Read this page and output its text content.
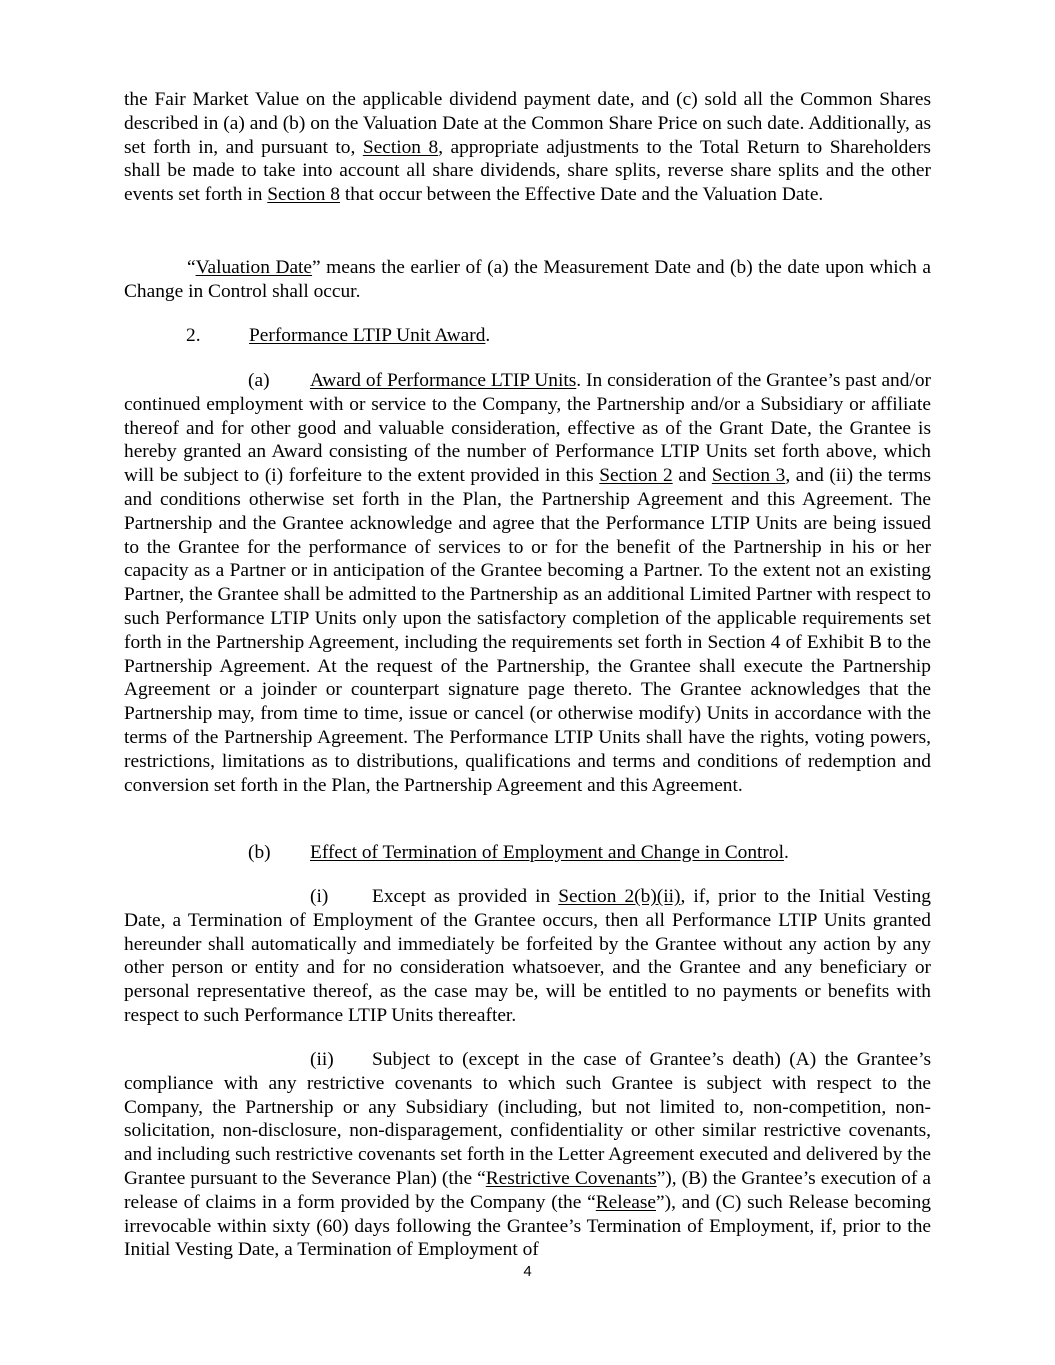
the Fair Market Value on the applicable dividend payment date, and (c) sold all the Common Shares described in (a) and (b) on the Valuation Date at the Common Share Price on such date. Additionally, as set forth in, and pursuant to, Section 8, appropriate adjustments to the Total Return to Shareholders shall be made to take into account all share dividends, share splits, reverse share splits and the other events set forth in Section 8 that occur between the Effective Date and the Valuation Date.

“Valuation Date” means the earlier of (a) the Measurement Date and (b) the date upon which a Change in Control shall occur.

2. Performance LTIP Unit Award.

(a) Award of Performance LTIP Units. In consideration of the Grantee’s past and/or continued employment with or service to the Company, the Partnership and/or a Subsidiary or affiliate thereof and for other good and valuable consideration, effective as of the Grant Date, the Grantee is hereby granted an Award consisting of the number of Performance LTIP Units set forth above, which will be subject to (i) forfeiture to the extent provided in this Section 2 and Section 3, and (ii) the terms and conditions otherwise set forth in the Plan, the Partnership Agreement and this Agreement. The Partnership and the Grantee acknowledge and agree that the Performance LTIP Units are being issued to the Grantee for the performance of services to or for the benefit of the Partnership in his or her capacity as a Partner or in anticipation of the Grantee becoming a Partner. To the extent not an existing Partner, the Grantee shall be admitted to the Partnership as an additional Limited Partner with respect to such Performance LTIP Units only upon the satisfactory completion of the applicable requirements set forth in the Partnership Agreement, including the requirements set forth in Section 4 of Exhibit B to the Partnership Agreement. At the request of the Partnership, the Grantee shall execute the Partnership Agreement or a joinder or counterpart signature page thereto. The Grantee acknowledges that the Partnership may, from time to time, issue or cancel (or otherwise modify) Units in accordance with the terms of the Partnership Agreement. The Performance LTIP Units shall have the rights, voting powers, restrictions, limitations as to distributions, qualifications and terms and conditions of redemption and conversion set forth in the Plan, the Partnership Agreement and this Agreement.

(b) Effect of Termination of Employment and Change in Control.

(i) Except as provided in Section 2(b)(ii), if, prior to the Initial Vesting Date, a Termination of Employment of the Grantee occurs, then all Performance LTIP Units granted hereunder shall automatically and immediately be forfeited by the Grantee without any action by any other person or entity and for no consideration whatsoever, and the Grantee and any beneficiary or personal representative thereof, as the case may be, will be entitled to no payments or benefits with respect to such Performance LTIP Units thereafter.

(ii) Subject to (except in the case of Grantee’s death) (A) the Grantee’s compliance with any restrictive covenants to which such Grantee is subject with respect to the Company, the Partnership or any Subsidiary (including, but not limited to, non-competition, non-solicitation, non-disclosure, non-disparagement, confidentiality or other similar restrictive covenants, and including such restrictive covenants set forth in the Letter Agreement executed and delivered by the Grantee pursuant to the Severance Plan) (the “Restrictive Covenants”), (B) the Grantee’s execution of a release of claims in a form provided by the Company (the “Release”), and (C) such Release becoming irrevocable within sixty (60) days following the Grantee’s Termination of Employment, if, prior to the Initial Vesting Date, a Termination of Employment of

4
